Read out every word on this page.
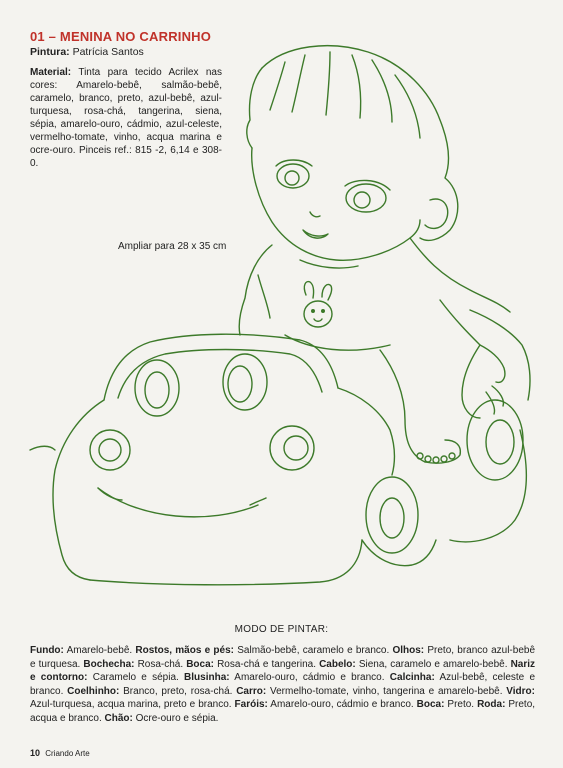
01 – MENINA NO CARRINHO
Pintura: Patrícia Santos
Material: Tinta para tecido Acrilex nas cores: Amarelo-bebê, salmão-bebê, caramelo, branco, preto, azul-bebê, azul-turquesa, rosa-chá, tangerina, siena, sépia, amarelo-ouro, cádmio, azul-celeste, vermelho-tomate, vinho, acqua marina e ocre-ouro. Pinceis ref.: 815 -2, 6,14 e 308-0.
Ampliar para 28 x 35 cm
MODO DE PINTAR:
Fundo: Amarelo-bebê. Rostos, mãos e pés: Salmão-bebê, caramelo e branco. Olhos: Preto, branco azul-bebê e turquesa. Bochecha: Rosa-chá. Boca: Rosa-chá e tangerina. Cabelo: Siena, caramelo e amarelo-bebê. Nariz e contorno: Caramelo e sépia. Blusinha: Amarelo-ouro, cádmio e branco. Calcinha: Azul-bebê, celeste e branco. Coelhinho: Branco, preto, rosa-chá. Carro: Vermelho-tomate, vinho, tangerina e amarelo-bebê. Vidro: Azul-turquesa, acqua marina, preto e branco. Faróis: Amarelo-ouro, cádmio e branco. Boca: Preto. Roda: Preto, acqua e branco. Chão: Ocre-ouro e sépia.
10 Criando Arte
